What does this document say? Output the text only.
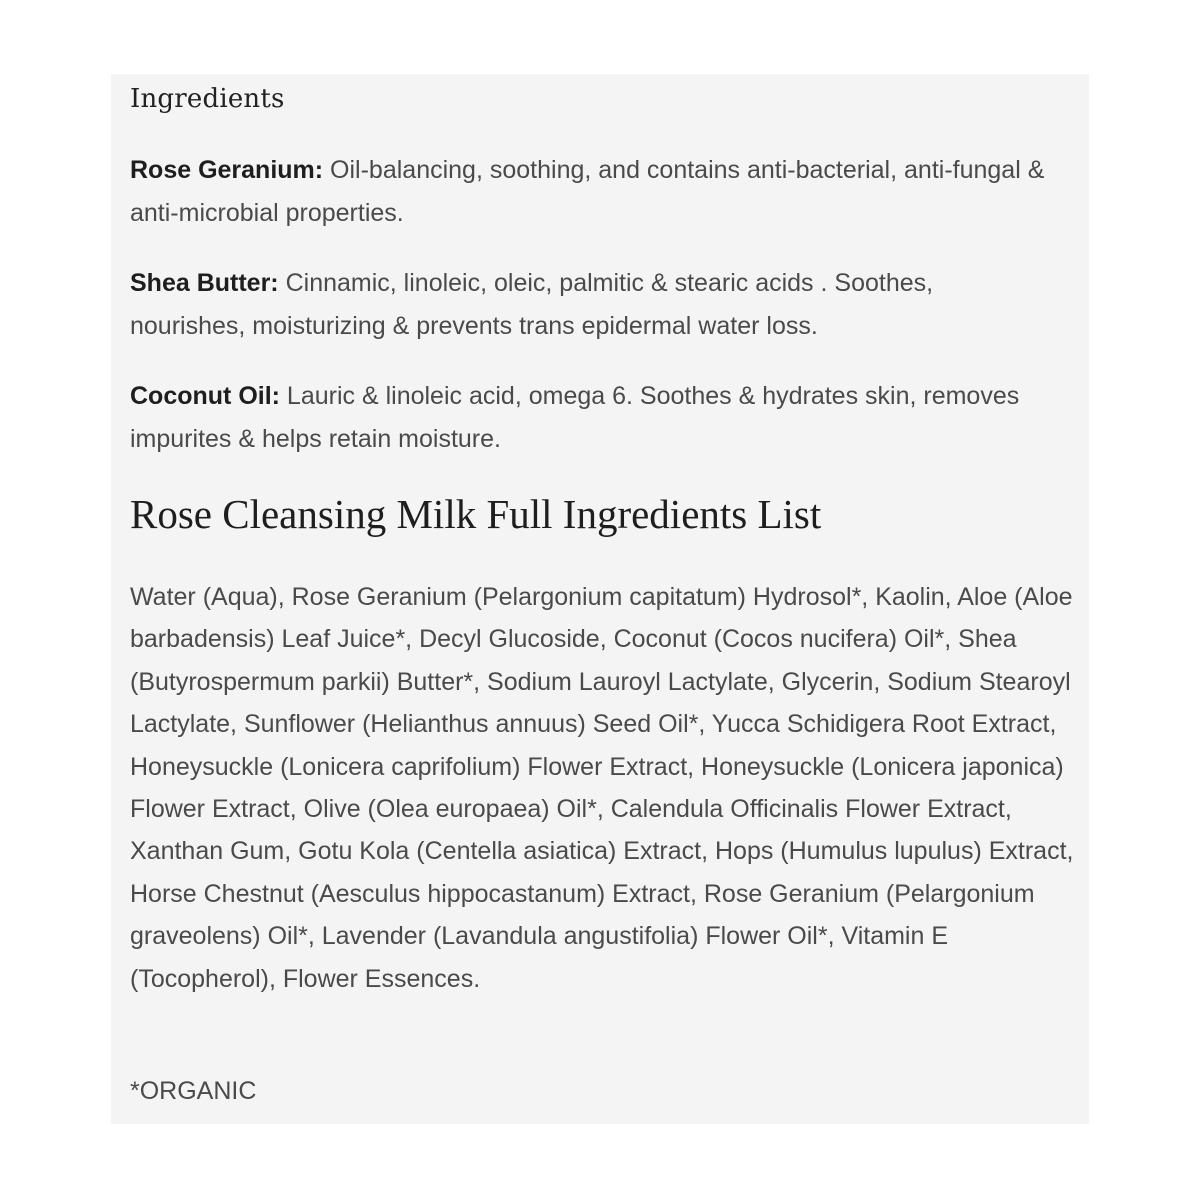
Ingredients

Rose Geranium: Oil-balancing, soothing, and contains anti-bacterial, anti-fungal & anti-microbial properties.

Shea Butter: Cinnamic, linoleic, oleic, palmitic & stearic acids . Soothes, nourishes, moisturizing & prevents trans epidermal water loss.

Coconut Oil: Lauric & linoleic acid, omega 6. Soothes & hydrates skin, removes impurites & helps retain moisture.

Rose Cleansing Milk Full Ingredients List

Water (Aqua), Rose Geranium (Pelargonium capitatum) Hydrosol*, Kaolin, Aloe (Aloe barbadensis) Leaf Juice*, Decyl Glucoside, Coconut (Cocos nucifera) Oil*, Shea (Butyrospermum parkii) Butter*, Sodium Lauroyl Lactylate, Glycerin, Sodium Stearoyl Lactylate, Sunflower (Helianthus annuus) Seed Oil*, Yucca Schidigera Root Extract, Honeysuckle (Lonicera caprifolium) Flower Extract, Honeysuckle (Lonicera japonica) Flower Extract, Olive (Olea europaea) Oil*, Calendula Officinalis Flower Extract, Xanthan Gum, Gotu Kola (Centella asiatica) Extract, Hops (Humulus lupulus) Extract, Horse Chestnut (Aesculus hippocastanum) Extract, Rose Geranium (Pelargonium graveolens) Oil*, Lavender (Lavandula angustifolia) Flower Oil*, Vitamin E (Tocopherol), Flower Essences.

*ORGANIC
